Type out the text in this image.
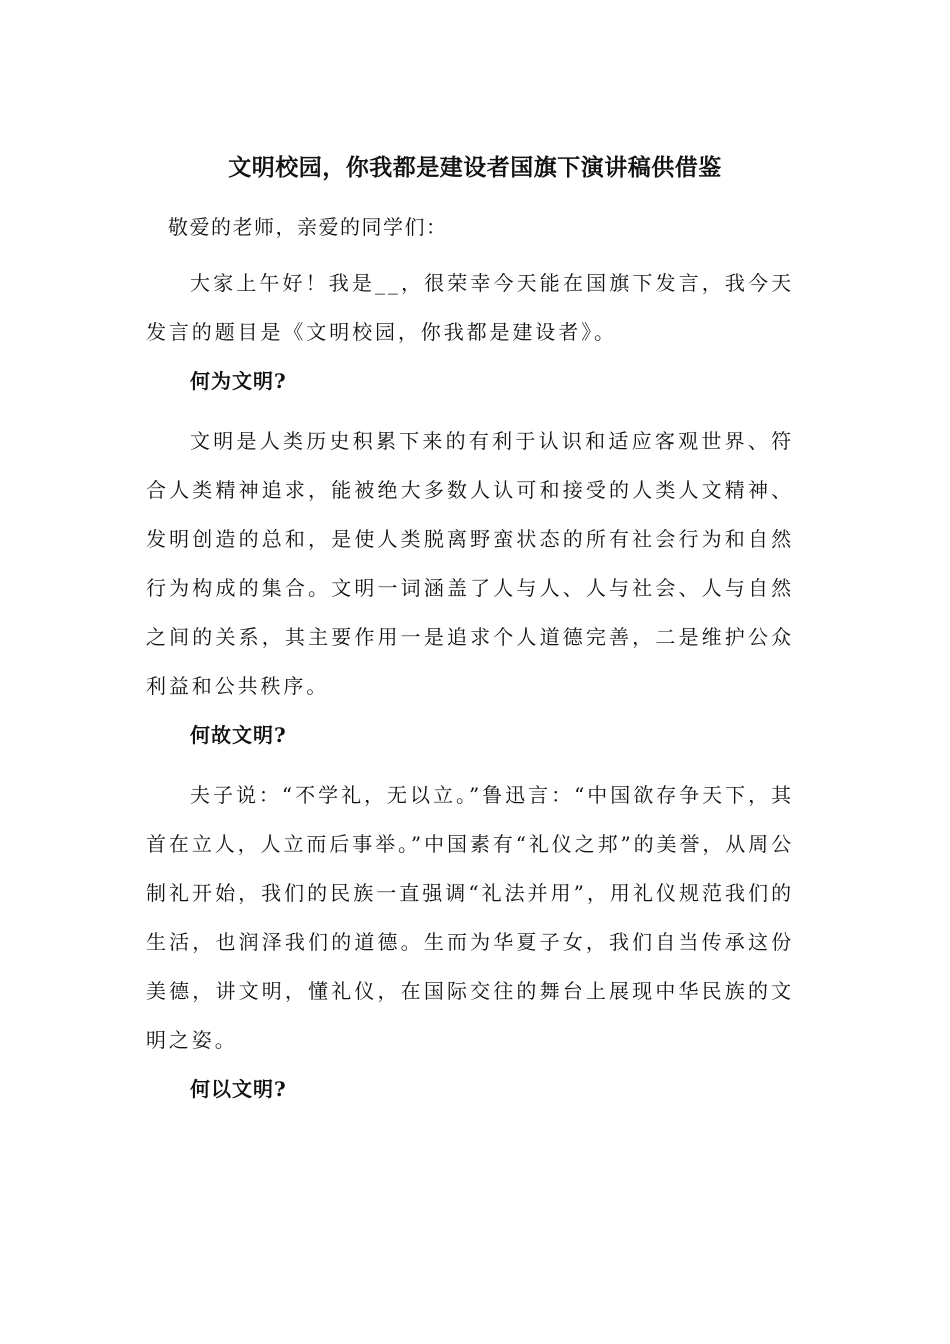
文明校园，你我都是建设者国旗下演讲稿供借鉴

敬爱的老师，亲爱的同学们：

大家上午好！我是__，很荣幸今天能在国旗下发言，我今天发言的题目是《文明校园，你我都是建设者》。

何为文明?

文明是人类历史积累下来的有利于认识和适应客观世界、符合人类精神追求，能被绝大多数人认可和接受的人类人文精神、发明创造的总和，是使人类脱离野蛮状态的所有社会行为和自然行为构成的集合。文明一词涵盖了人与人、人与社会、人与自然之间的关系，其主要作用一是追求个人道德完善，二是维护公众利益和公共秩序。

何故文明?

夫子说：“不学礼，无以立。”鲁迅言：“中国欲存争天下，其首在立人，人立而后事举。”中国素有“礼仪之邦”的美誉，从周公制礼开始，我们的民族一直强调“礼法并用”，用礼仪规范我们的生活，也润泽我们的道德。生而为华夏子女，我们自当传承这份美德，讲文明，懂礼仪，在国际交往的舞台上展现中华民族的文明之姿。

何以文明?
